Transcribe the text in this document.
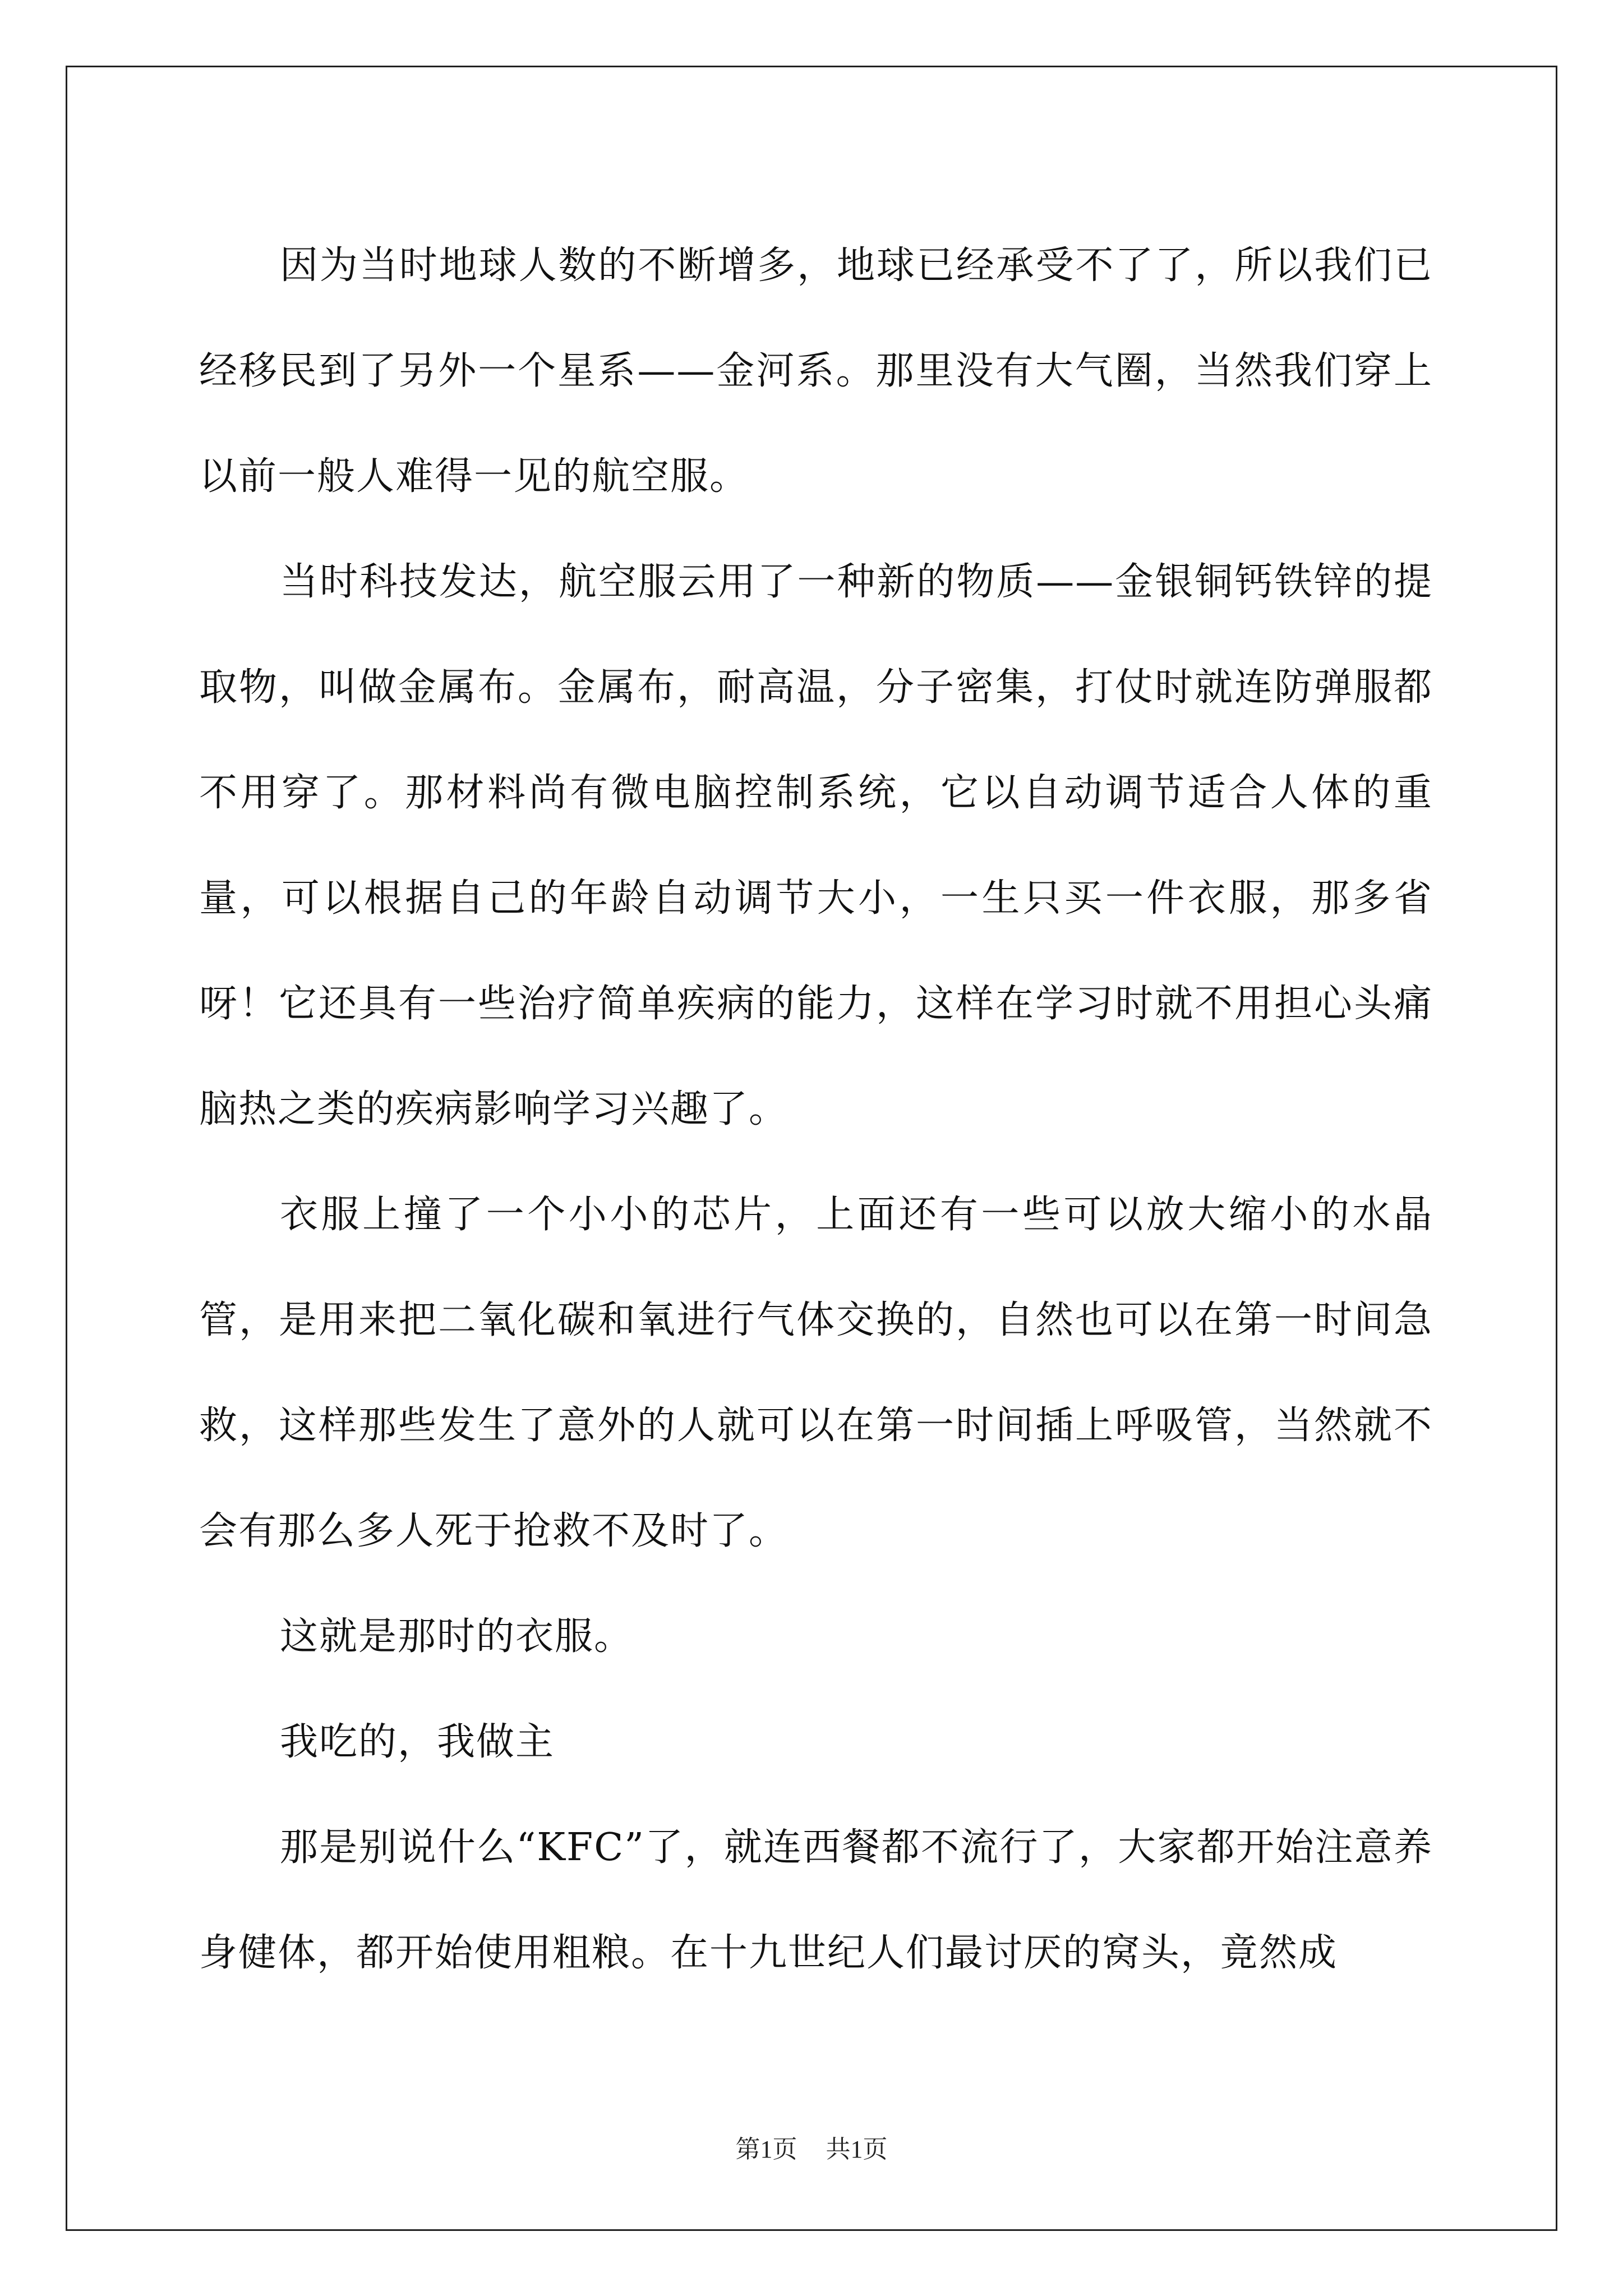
因为当时地球人数的不断增多，地球已经承受不了了，所以我们已经移民到了另外一个星系——金河系。那里没有大气圈，当然我们穿上以前一般人难得一见的航空服。

当时科技发达，航空服云用了一种新的物质——金银铜钙铁锌的提取物，叫做金属布。金属布，耐高温，分子密集，打仗时就连防弹服都不用穿了。那材料尚有微电脑控制系统，它以自动调节适合人体的重量，可以根据自己的年龄自动调节大小，一生只买一件衣服，那多省呀！它还具有一些治疗简单疾病的能力，这样在学习时就不用担心头痛脑热之类的疾病影响学习兴趣了。

衣服上撞了一个小小的芯片，上面还有一些可以放大缩小的水晶管，是用来把二氧化碳和氧进行气体交换的，自然也可以在第一时间急救，这样那些发生了意外的人就可以在第一时间插上呼吸管，当然就不会有那么多人死于抢救不及时了。

这就是那时的衣服。

我吃的，我做主

那是别说什么“KFC”了，就连西餐都不流行了，大家都开始注意养身健体，都开始使用粗粮。在十九世纪人们最讨厌的窝头，竟然成

第1页 共1页
